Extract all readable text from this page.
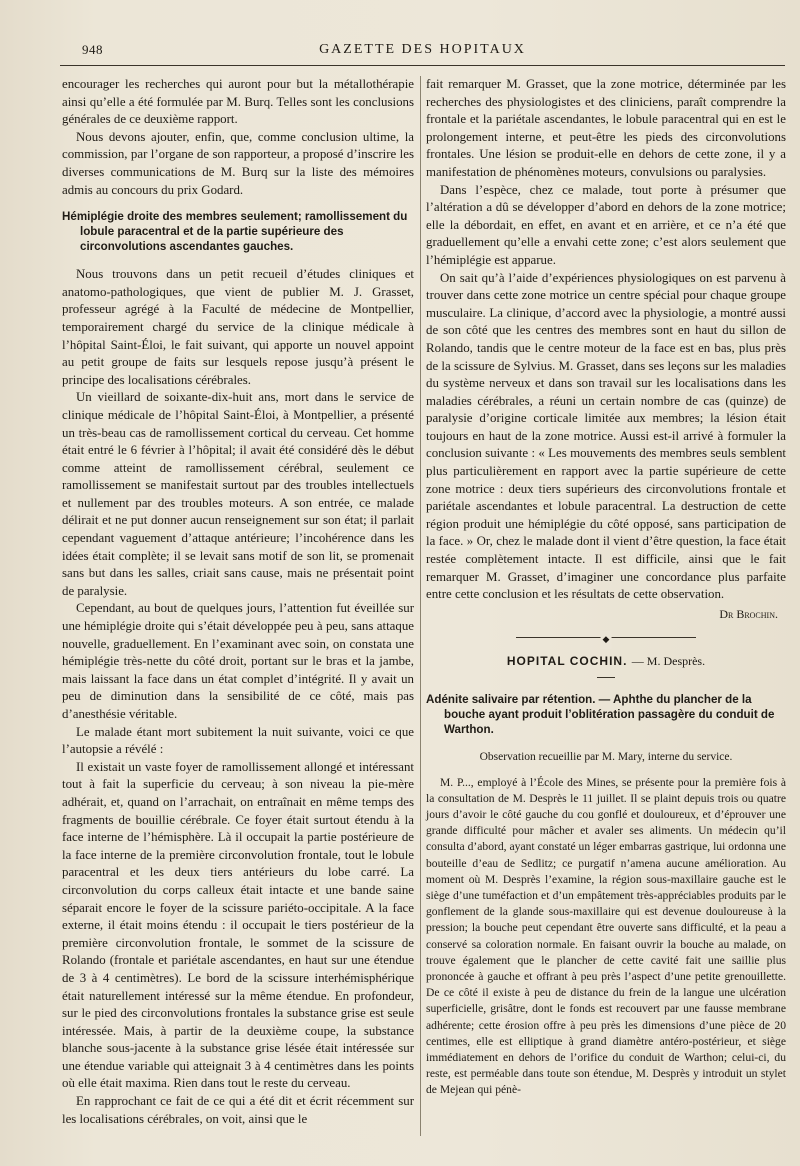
948	GAZETTE DES HOPITAUX

encourager les recherches qui auront pour but la métallothérapie ainsi qu’elle a été formulée par M. Burq. Telles sont les conclusions générales de ce deuxième rapport.

Nous devons ajouter, enfin, que, comme conclusion ultime, la commission, par l’organe de son rapporteur, a proposé d’inscrire les diverses communications de M. Burq sur la liste des mémoires admis au concours du prix Godard.

Hémiplégie droite des membres seulement; ramollissement du lobule paracentral et de la partie supérieure des circonvolutions ascendantes gauches.

Nous trouvons dans un petit recueil d’études cliniques et anatomo-pathologiques, que vient de publier M. J. Grasset, professeur agrégé à la Faculté de médecine de Montpellier, temporairement chargé du service de la clinique médicale à l’hôpital Saint-Éloi, le fait suivant, qui apporte un nouvel appoint au petit groupe de faits sur lesquels repose jusqu’à présent le principe des localisations cérébrales.

Un vieillard de soixante-dix-huit ans, mort dans le service de clinique médicale de l’hôpital Saint-Éloi, à Montpellier, a présenté un très-beau cas de ramollissement cortical du cerveau. Cet homme était entré le 6 février à l’hôpital; il avait été considéré dès le début comme atteint de ramollissement cérébral, seulement ce ramollissement se manifestait surtout par des troubles intellectuels et nullement par des troubles moteurs. A son entrée, ce malade délirait et ne put donner aucun renseignement sur son état; il parlait cependant vaguement d’attaque antérieure; l’incohérence dans les idées était complète; il se levait sans motif de son lit, se promenait sans but dans les salles, criait sans cause, mais ne présentait point de paralysie.

Cependant, au bout de quelques jours, l’attention fut éveillée sur une hémiplégie droite qui s’était développée peu à peu, sans attaque nouvelle, graduellement. En l’examinant avec soin, on constata une hémiplégie très-nette du côté droit, portant sur le bras et la jambe, mais laissant la face dans un état complet d’intégrité. Il y avait un peu de diminution dans la sensibilité de ce côté, mais pas d’anesthésie véritable.

Le malade étant mort subitement la nuit suivante, voici ce que l’autopsie a révélé :

Il existait un vaste foyer de ramollissement allongé et intéressant tout à fait la superficie du cerveau; à son niveau la pie-mère adhérait, et, quand on l’arrachait, on entraînait en même temps des fragments de bouillie cérébrale. Ce foyer était surtout étendu à la face interne de l’hémisphère. Là il occupait la partie postérieure de la face interne de la première circonvolution frontale, tout le lobule paracentral et les deux tiers antérieurs du lobe carré. La circonvolution du corps calleux était intacte et une bande saine séparait encore le foyer de la scissure pariéto-occipitale. A la face externe, il était moins étendu : il occupait le tiers postérieur de la première circonvolution frontale, le sommet de la scissure de Rolando (frontale et pariétale ascendantes, en haut sur une étendue de 3 à 4 centimètres). Le bord de la scissure interhémisphérique était naturellement intéressé sur la même étendue. En profondeur, sur le pied des circonvolutions frontales la substance grise est seule intéressée. Mais, à partir de la deuxième coupe, la substance blanche sous-jacente à la substance grise lésée était intéressée sur une étendue variable qui atteignait 3 à 4 centimètres dans les points où elle était maxima. Rien dans tout le reste du cerveau.

En rapprochant ce fait de ce qui a été dit et écrit récemment sur les localisations cérébrales, on voit, ainsi que le

fait remarquer M. Grasset, que la zone motrice, déterminée par les recherches des physiologistes et des cliniciens, paraît comprendre la frontale et la pariétale ascendantes, le lobule paracentral qui en est le prolongement interne, et peut-être les pieds des circonvolutions frontales. Une lésion se produit-elle en dehors de cette zone, il y a manifestation de phénomènes moteurs, convulsions ou paralysies.

Dans l’espèce, chez ce malade, tout porte à présumer que l’altération a dû se développer d’abord en dehors de la zone motrice; elle la débordait, en effet, en avant et en arrière, et ce n’a été que graduellement qu’elle a envahi cette zone; c’est alors seulement que l’hémiplégie est apparue.

On sait qu’à l’aide d’expériences physiologiques on est parvenu à trouver dans cette zone motrice un centre spécial pour chaque groupe musculaire. La clinique, d’accord avec la physiologie, a montré aussi de son côté que les centres des membres sont en haut du sillon de Rolando, tandis que le centre moteur de la face est en bas, plus près de la scissure de Sylvius. M. Grasset, dans ses leçons sur les maladies du système nerveux et dans son travail sur les localisations dans les maladies cérébrales, a réuni un certain nombre de cas (quinze) de paralysie d’origine corticale limitée aux membres; la lésion était toujours en haut de la zone motrice. Aussi est-il arrivé à formuler la conclusion suivante : « Les mouvements des membres seuls semblent plus particulièrement en rapport avec la partie supérieure de cette zone motrice : deux tiers supérieurs des circonvolutions frontale et pariétale ascendantes et lobule paracentral. La destruction de cette région produit une hémiplégie du côté opposé, sans participation de la face. » Or, chez le malade dont il vient d’être question, la face était restée complètement intacte. Il est difficile, ainsi que le fait remarquer M. Grasset, d’imaginer une concordance plus parfaite entre cette conclusion et les résultats de cette observation.

Dr Brochin.
◆
HOPITAL COCHIN. — M. Desprès.
Adénite salivaire par rétention. — Aphthe du plancher de la bouche ayant produit l’oblitération passagère du conduit de Warthon.
Observation recueillie par M. Mary, interne du service.

M. P..., employé à l’École des Mines, se présente pour la première fois à la consultation de M. Desprès le 11 juillet. Il se plaint depuis trois ou quatre jours d’avoir le côté gauche du cou gonflé et douloureux, et d’éprouver une grande difficulté pour mâcher et avaler ses aliments. Un médecin qu’il consulta d’abord, ayant constaté un léger embarras gastrique, lui ordonna une bouteille d’eau de Sedlitz; ce purgatif n’amena aucune amélioration. Au moment où M. Desprès l’examine, la région sous-maxillaire gauche est le siège d’une tuméfaction et d’un empâtement très-appréciables produits par le gonflement de la glande sous-maxillaire qui est devenue douloureuse à la pression; la bouche peut cependant être ouverte sans difficulté, et la peau a conservé sa coloration normale. En faisant ouvrir la bouche au malade, on trouve également que le plancher de cette cavité fait une saillie plus prononcée à gauche et offrant à peu près l’aspect d’une petite grenouillette. De ce côté il existe à peu de distance du frein de la langue une ulcération superficielle, grisâtre, dont le fonds est recouvert par une fausse membrane adhérente; cette érosion offre à peu près les dimensions d’une pièce de 20 centimes, elle est elliptique à grand diamètre antéro-postérieur, et siège immédiatement en dehors de l’orifice du conduit de Warthon; celui-ci, du reste, est perméable dans toute son étendue, M. Desprès y introduit un stylet de Mejean qui pénè-
